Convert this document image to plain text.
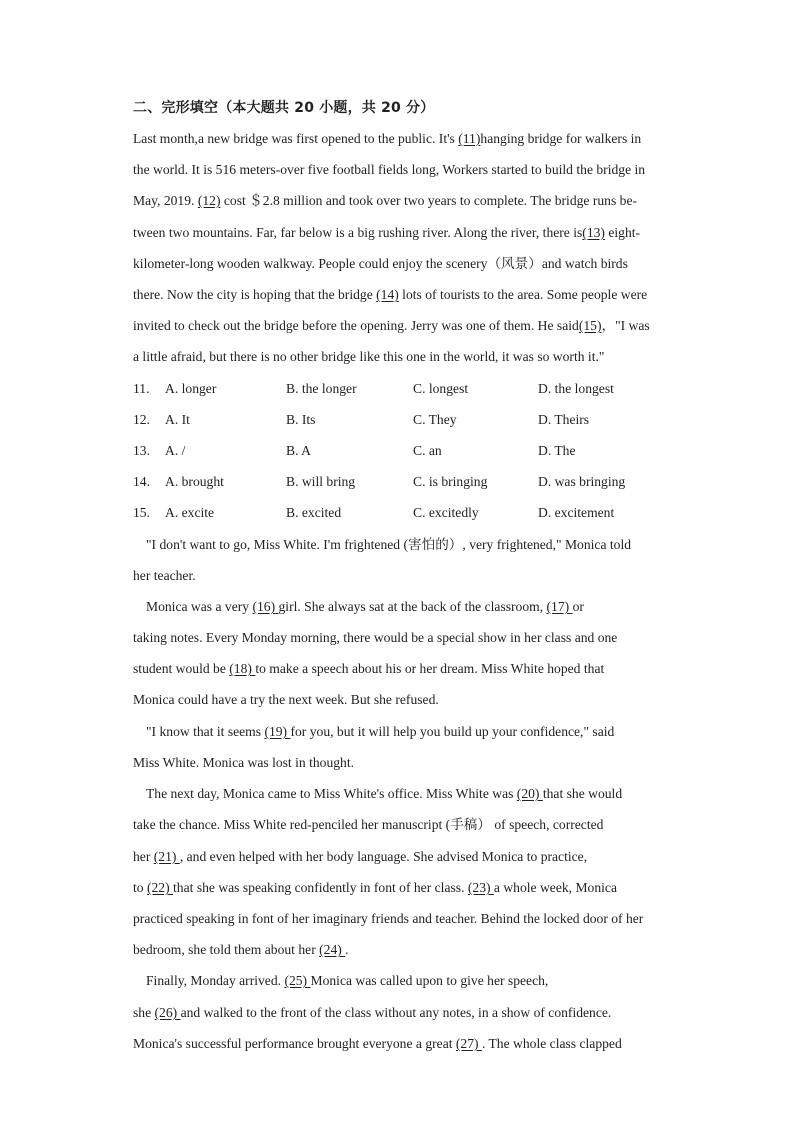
二、完形填空（本大题共 20 小题，共 20 分）
Last month,a new bridge was first opened to the public. It's (11)hanging bridge for walkers in
the world. It is 516 meters-over five football fields long, Workers started to build the bridge in
May, 2019. (12) cost ＄2.8 million and took over two years to complete. The bridge runs be-
tween two mountains. Far, far below is a big rushing river. Along the river, there is(13) eight-
kilometer-long wooden walkway. People could enjoy the scenery（风景）and watch birds
there. Now the city is hoping that the bridge (14) lots of tourists to the area. Some people were
invited to check out the bridge before the opening. Jerry was one of them. He said(15)，"I was
a little afraid, but there is no other bridge like this one in the world, it was so worth it."
11. A. longer	B. the longer	C. longest	D. the longest
12. A. It	B. Its	C. They	D. Theirs
13. A. /	B. A	C. an	D. The
14. A. brought	B. will bring	C. is bringing	D. was bringing
15. A. excite	B. excited	C. excitedly	D. excitement
"I don't want to go, Miss White. I'm frightened (害怕的）, very frightened," Monica told
her teacher.
Monica was a very (16) girl. She always sat at the back of the classroom, (17) or
taking notes. Every Monday morning, there would be a special show in her class and one
student would be (18) to make a speech about his or her dream. Miss White hoped that
Monica could have a try the next week. But she refused.
"I know that it seems (19) for you, but it will help you build up your confidence," said
Miss White. Monica was lost in thought.
The next day, Monica came to Miss White's office. Miss White was (20) that she would
take the chance. Miss White red-penciled her manuscript (手稿） of speech, corrected
her (21) , and even helped with her body language. She advised Monica to practice,
to (22) that she was speaking confidently in font of her class. (23) a whole week, Monica
practiced speaking in font of her imaginary friends and teacher. Behind the locked door of her
bedroom, she told them about her (24) .
Finally, Monday arrived. (25) Monica was called upon to give her speech,
she (26) and walked to the front of the class without any notes, in a show of confidence.
Monica's successful performance brought everyone a great (27) . The whole class clapped
